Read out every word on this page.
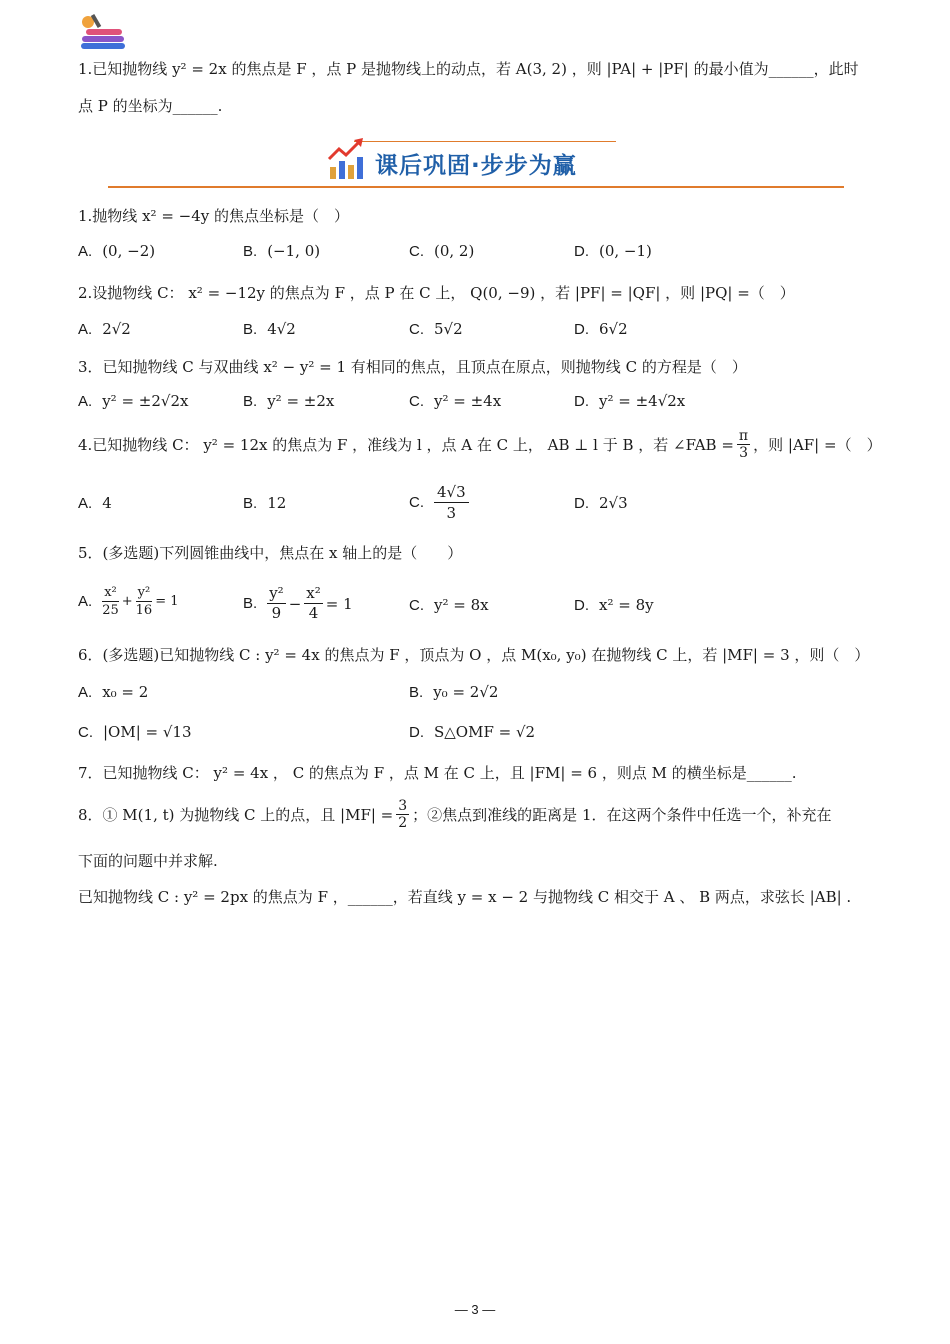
1.已知抛物线 y² = 2x 的焦点是 F ，点 P 是抛物线上的动点，若 A(3, 2) ，则 |PA| + |PF| 的最小值为______，此时
点 P 的坐标为______.
课后巩固·步步为赢
1.抛物线 x² = −4y 的焦点坐标是（　）
A. (0, −2)	B. (−1, 0)	C. (0, 2)	D. (0, −1)
2.设抛物线 C： x² = −12y 的焦点为 F ，点 P 在 C 上， Q(0, −9) ，若 |PF| = |QF| ，则 |PQ| =（　）
A. 2√2	B. 4√2	C. 5√2	D. 6√2
3．已知抛物线 C 与双曲线 x² − y² = 1 有相同的焦点，且顶点在原点，则抛物线 C 的方程是（　）
A. y² = ±2√2x	B. y² = ±2x	C. y² = ±4x	D. y² = ±4√2x
4.已知抛物线 C： y² = 12x 的焦点为 F ，准线为 l ，点 A 在 C 上， AB ⊥ l 于 B ，若 ∠FAB = $\frac{\pi}{3}$ ，则 |AF| =（　）
A. 4	B. 12	C.
4√3
3
D. 2√3
5．(多选题)下列圆锥曲线中，焦点在 x 轴上的是（　　）
A.
x²
25
+ $\frac{\text{y²}}{16} = 1$	B.
y²
9
− $\frac{\text{x²}}{4} = 1$	C. y² = 8x	D. x² = 8y
6．(多选题)已知抛物线 C : y² = 4x 的焦点为 F ，顶点为 O ，点 M(x₀, y₀) 在抛物线 C 上，若 |MF| = 3 ，则（　）
A. x₀ = 2	B. y₀ = 2√2
C. |OM| = √13	D. S△OMF = √2
7．已知抛物线 C： y² = 4x ， C 的焦点为 F ，点 M 在 C 上，且 |FM| = 6 ，则点 M 的横坐标是______.
8．① M(1, t) 为抛物线 C 上的点，且 $|MF| = \frac{3}{2}$ ；②焦点到准线的距离是 1．在这两个条件中任选一个，补充在
下面的问题中并求解.
已知抛物线 C : y² = 2px 的焦点为 F ，______，若直线 y = x − 2 与抛物线 C 相交于 A 、 B 两点，求弦长 |AB| .
— 3 —
